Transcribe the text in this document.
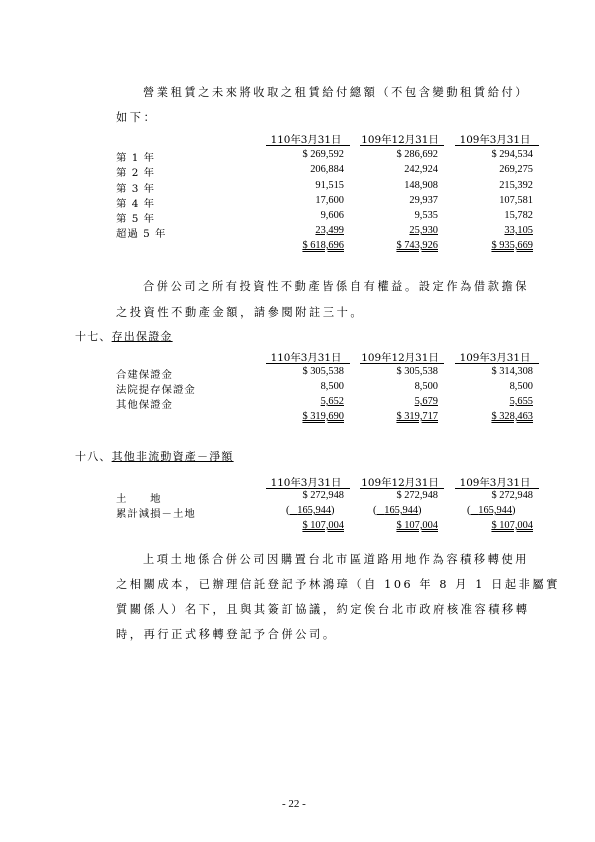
營業租賃之未來將收取之租賃給付總額（不包含變動租賃給付）
如下：
110年3月31日	109年12月31日	109年3月31日
第 1 年	$ 269,592	$ 286,692	$ 294,534
第 2 年	206,884	242,924	269,275
第 3 年	91,515	148,908	215,392
第 4 年	17,600	29,937	107,581
第 5 年	9,606	9,535	15,782
超過 5 年	23,499	25,930	33,105
$ 618,696	$ 743,926	$ 935,669
合併公司之所有投資性不動產皆係自有權益。設定作為借款擔保
之投資性不動產金額，請參閱附註三十。
十七、存出保證金
110年3月31日	109年12月31日	109年3月31日
合建保證金	$ 305,538	$ 305,538	$ 314,308
法院提存保證金	8,500	8,500	8,500
其他保證金	5,652	5,679	5,655
$ 319,690	$ 319,717	$ 328,463
十八、其他非流動資產－淨額
110年3月31日	109年12月31日	109年3月31日
土　　地	$ 272,948	$ 272,948	$ 272,948
累計減損－土地	( 165,944)	( 165,944)	( 165,944)
$ 107,004	$ 107,004	$ 107,004
上項土地係合併公司因購置台北市區道路用地作為容積移轉使用
之相關成本，已辦理信託登記予林鴻璋（自 106 年 8 月 1 日起非屬實
質關係人）名下，且與其簽訂協議，約定俟台北市政府核准容積移轉
時，再行正式移轉登記予合併公司。
- 22 -
